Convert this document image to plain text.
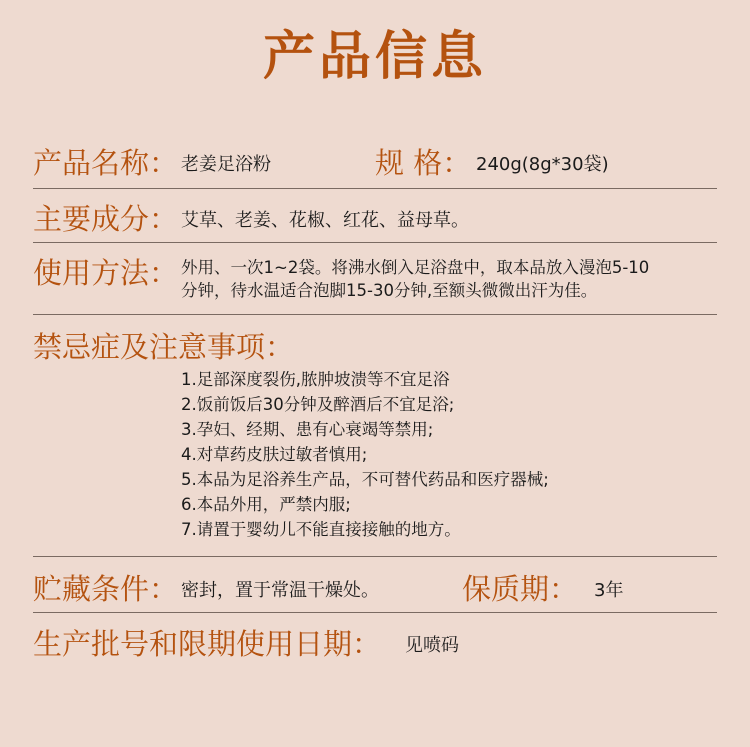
产品信息
产品名称： 老姜足浴粉	规 格： 240g(8g*30袋)
主要成分： 艾草、老姜、花椒、红花、益母草。
使用方法： 外用、一次1~2袋。将沸水倒入足浴盘中，取本品放入漫泡5-10
分钟，待水温适合泡脚15-30分钟,至额头微微出汗为佳。
禁忌症及注意事项：
1.足部深度裂伤,脓肿坡溃等不宜足浴
2.饭前饭后30分钟及醉酒后不宜足浴;
3.孕妇、经期、患有心衰竭等禁用;
4.对草药皮肤过敏者慎用;
5.本品为足浴养生产品，不可替代药品和医疗器械;
6.本品外用，严禁内服;
7.请置于婴幼儿不能直接接触的地方。
贮藏条件： 密封，置于常温干燥处。	保质期： 3年
生产批号和限期使用日期： 见喷码
